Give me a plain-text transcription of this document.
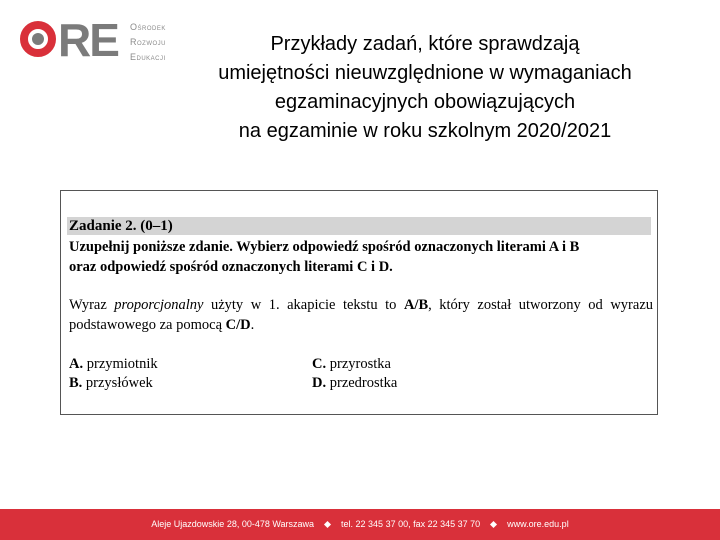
RE Ośrodek
Rozwoju
Edukacji
Przykłady zadań, które sprawdzają
umiejętności nieuwzględnione w wymaganiach
egzaminacyjnych obowiązujących
na egzaminie w roku szkolnym 2020/2021
Zadanie 2. (0–1)
Uzupełnij poniższe zdanie. Wybierz odpowiedź spośród oznaczonych literami A i B
oraz odpowiedź spośród oznaczonych literami C i D.
Wyraz proporcjonalny użyty w 1. akapicie tekstu to A/B, który został utworzony od wyrazu podstawowego za pomocą C/D.
A. przymiotnik
B. przysłówek
C. przyrostka
D. przedrostka
Aleje Ujazdowskie 28, 00-478 Warszawa	tel. 22 345 37 00, fax 22 345 37 70	www.ore.edu.pl
